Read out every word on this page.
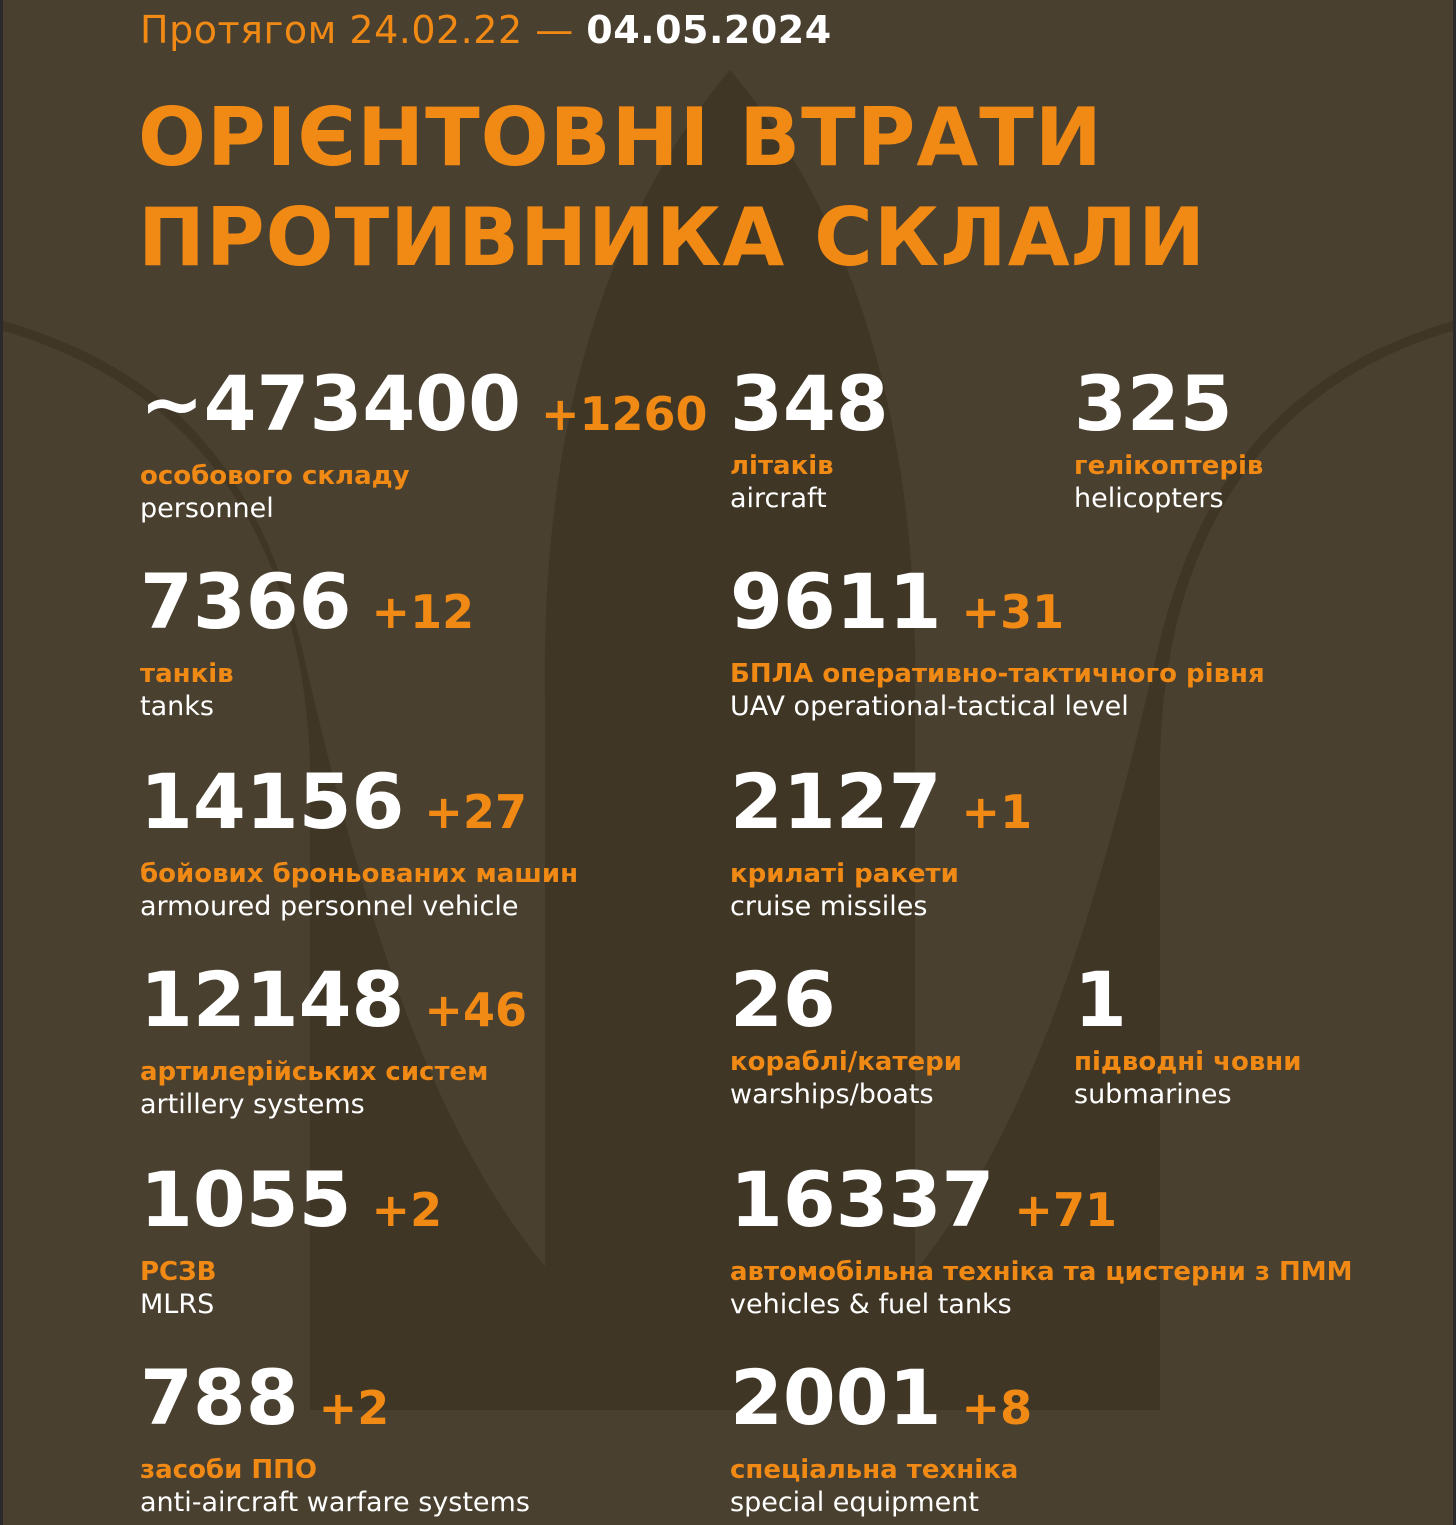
Протягом 24.02.22 — 04.05.2024
ОРІЄНТОВНІ ВТРАТИ
ПРОТИВНИКА СКЛАЛИ
~473400 +1260
особового складу
personnel
348
літаків
aircraft
325
гелікоптерів
helicopters
7366 +12
танків
tanks
9611 +31
БПЛА оперативно-тактичного рівня
UAV operational-tactical level
14156 +27
бойових броньованих машин
armoured personnel vehicle
2127 +1
крилаті ракети
cruise missiles
12148 +46
артилерійських систем
artillery systems
26
кораблі/катери
warships/boats
1
підводні човни
submarines
1055 +2
РСЗВ
MLRS
16337 +71
автомобільна техніка та цистерни з ПММ
vehicles & fuel tanks
788 +2
засоби ППО
anti-aircraft warfare systems
2001 +8
спеціальна техніка
special equipment
